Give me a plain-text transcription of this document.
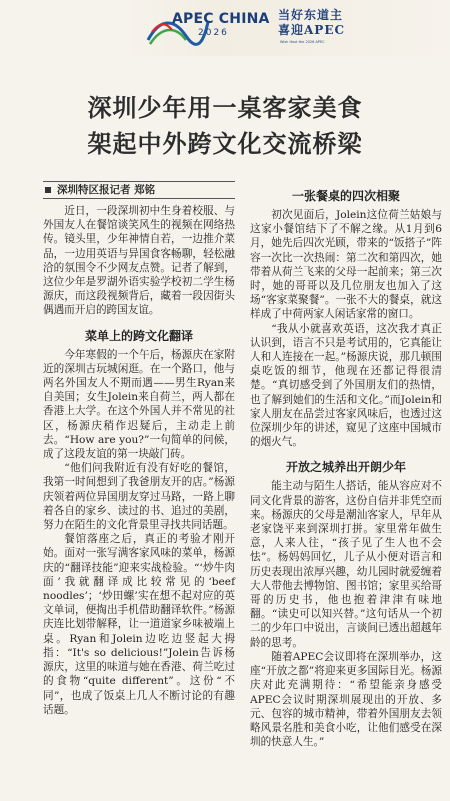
APEC CHINA
2026
当好东道主 喜迎APEC
Wish Host the 2026 APEC
深圳少年用一桌客家美食
架起中外跨文化交流桥梁
深圳特区报记者 郑铭

近日，一段深圳初中生身着校服、与外国友人在餐馆谈笑风生的视频在网络热传。镜头里，少年神情自若，一边推介菜品，一边用英语与异国食客畅聊，轻松融洽的氛围令不少网友点赞。记者了解到，这位少年是罗湖外语实验学校初二学生杨源庆，而这段视频背后，藏着一段因街头偶遇而开启的跨国友谊。

菜单上的跨文化翻译

今年寒假的一个午后，杨源庆在家附近的深圳古玩城闲逛。在一个路口，他与两名外国友人不期而遇——男生Ryan来自美国；女生Jolein来自荷兰，两人都在香港上大学。在这个外国人并不常见的社区，杨源庆稍作迟疑后，主动走上前去。“How are you?”一句简单的问候，成了这段友谊的第一块敲门砖。

“他们问我附近有没有好吃的餐馆，我第一时间想到了我爸朋友开的店。”杨源庆领着两位异国朋友穿过马路，一路上聊着各自的家乡、读过的书、追过的美剧，努力在陌生的文化背景里寻找共同话题。

餐馆落座之后，真正的考验才刚开始。面对一张写满客家风味的菜单，杨源庆的“翻译技能”迎来实战检验。“‘炒牛肉面’我就翻译成比较常见的‘beef noodles’；‘炒田螺’实在想不起对应的英文单词，便掏出手机借助翻译软件。”杨源庆连比划带解释，让一道道家乡味被端上桌。Ryan和Jolein边吃边竖起大拇指：“It's so delicious!”Jolein告诉杨源庆，这里的味道与她在香港、荷兰吃过的食物“quite different”。这份“不同”，也成了饭桌上几人不断讨论的有趣话题。

一张餐桌的四次相聚

初次见面后，Jolein这位荷兰姑娘与这家小餐馆结下了不解之缘。从1月到6月，她先后四次光顾，带来的“饭搭子”阵容一次比一次热闹：第二次和第四次，她带着从荷兰飞来的父母一起前来；第三次时，她的哥哥以及几位朋友也加入了这场“客家菜聚餐”。一张不大的餐桌，就这样成了中荷两家人闲话家常的窗口。

“我从小就喜欢英语，这次我才真正认识到，语言不只是考试用的，它真能让人和人连接在一起。”杨源庆说，那几顿围桌吃饭的细节，他现在还都记得很清楚。“真切感受到了外国朋友们的热情，也了解到她们的生活和文化。”而Jolein和家人朋友在品尝过客家风味后，也透过这位深圳少年的讲述，窥见了这座中国城市的烟火气。

开放之城养出开朗少年

能主动与陌生人搭话，能从容应对不同文化背景的游客，这份自信并非凭空而来。杨源庆的父母是潮汕客家人，早年从老家饶平来到深圳打拼。家里常年做生意，人来人往，“孩子见了生人也不会怯”。杨妈妈回忆，儿子从小便对语言和历史表现出浓厚兴趣，幼儿园时就爱缠着大人带他去博物馆、图书馆；家里买给哥哥的历史书，他也抱着津津有味地翻。“读史可以知兴替。”这句话从一个初二的少年口中说出，言谈间已透出超越年龄的思考。

随着APEC会议即将在深圳举办，这座“开放之都”将迎来更多国际目光。杨源庆对此充满期待：“希望能亲身感受APEC会议时期深圳展现出的开放、多元、包容的城市精神，带着外国朋友去领略风景名胜和美食小吃，让他们感受在深圳的快意人生。”
